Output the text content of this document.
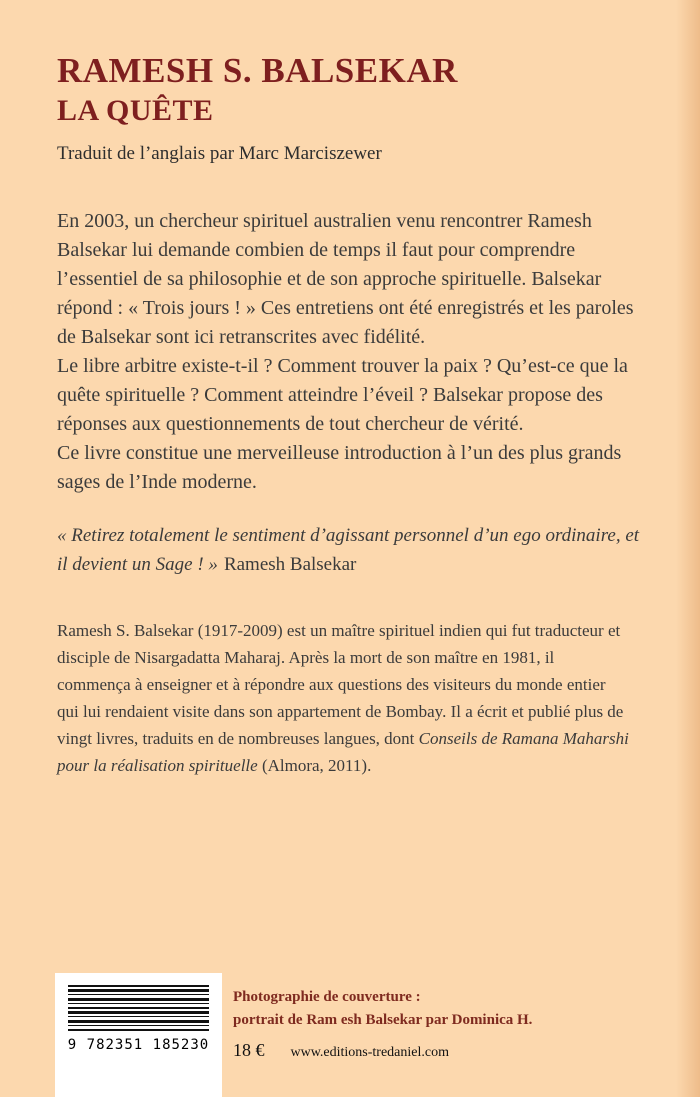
RAMESH S. BALSEKAR
LA QUÊTE

Traduit de l’anglais par Marc Marciszewer

En 2003, un chercheur spirituel australien venu rencontrer Ramesh Balsekar lui demande combien de temps il faut pour comprendre l’essentiel de sa philosophie et de son approche spirituelle. Balsekar répond : « Trois jours ! » Ces entretiens ont été enregistrés et les paroles de Balsekar sont ici retranscrites avec fidélité.

Le libre arbitre existe-t-il ? Comment trouver la paix ? Qu’est-ce que la quête spirituelle ? Comment atteindre l’éveil ? Balsekar propose des réponses aux questionnements de tout chercheur de vérité.

Ce livre constitue une merveilleuse introduction à l’un des plus grands sages de l’Inde moderne.

« Retirez totalement le sentiment d’agissant personnel d’un ego ordinaire, et il devient un Sage ! » Ramesh Balsekar

Ramesh S. Balsekar (1917-2009) est un maître spirituel indien qui fut traducteur et disciple de Nisargadatta Maharaj. Après la mort de son maître en 1981, il commença à enseigner et à répondre aux questions des visiteurs du monde entier qui lui rendaient visite dans son appartement de Bombay. Il a écrit et publié plus de vingt livres, traduits en de nombreuses langues, dont Conseils de Ramana Maharshi pour la réalisation spirituelle (Almora, 2011).

9 782351 185230

Photographie de couverture :
portrait de Ram esh Balsekar par Dominica H.

18 € www.editions-tredaniel.com
